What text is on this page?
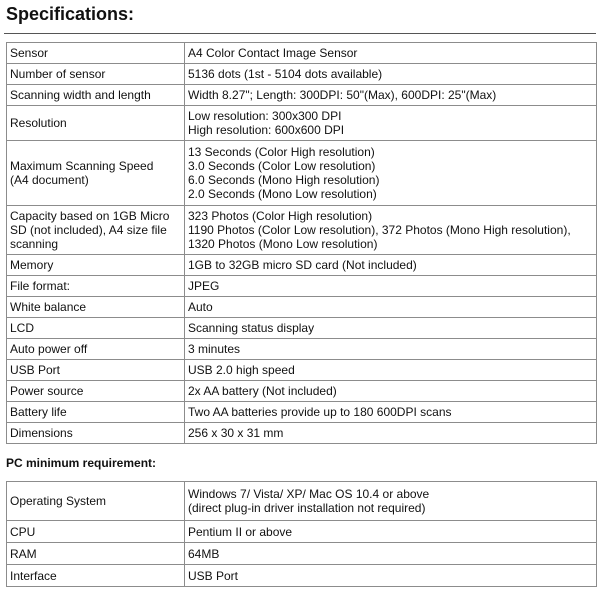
Specifications:
Sensor	A4 Color Contact Image Sensor
Number of sensor	5136 dots (1st - 5104 dots available)
Scanning width and length	Width 8.27"; Length: 300DPI: 50"(Max), 600DPI: 25"(Max)
Resolution	Low resolution: 300x300 DPI
High resolution: 600x600 DPI
Maximum Scanning Speed
(A4 document)	13 Seconds (Color High resolution)
3.0 Seconds (Color Low resolution)
6.0 Seconds (Mono High resolution)
2.0 Seconds (Mono Low resolution)
Capacity based on 1GB Micro SD (not included), A4 size file scanning	323 Photos (Color High resolution)
1190 Photos (Color Low resolution), 372 Photos (Mono High resolution), 1320 Photos (Mono Low resolution)
Memory	1GB to 32GB micro SD card (Not included)
File format:	JPEG
White balance	Auto
LCD	Scanning status display
Auto power off	3 minutes
USB Port	USB 2.0 high speed
Power source	2x AA battery (Not included)
Battery life	Two AA batteries provide up to 180 600DPI scans
Dimensions	256 x 30 x 31 mm
PC minimum requirement:
Operating System	Windows 7/ Vista/ XP/ Mac OS 10.4 or above
(direct plug-in driver installation not required)
CPU	Pentium II or above
RAM	64MB
Interface	USB Port
